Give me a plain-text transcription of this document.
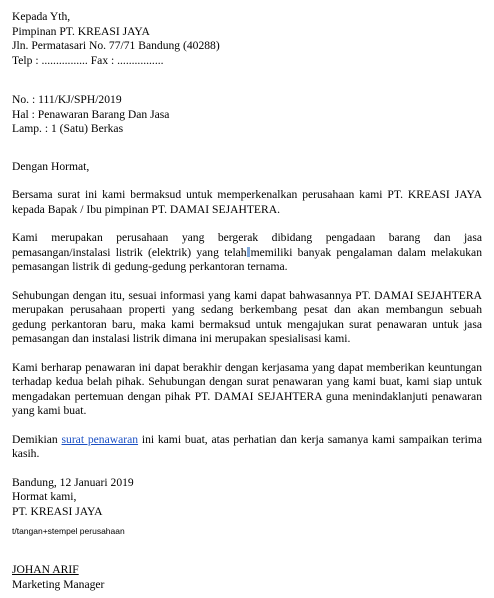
Kepada Yth,
Pimpinan PT. KREASI JAYA
Jln. Permatasari No. 77/71 Bandung (40288)
Telp : ................ Fax : ................
No. : 111/KJ/SPH/2019
Hal : Penawaran Barang Dan Jasa
Lamp. : 1 (Satu) Berkas

Dengan Hormat,

Bersama surat ini kami bermaksud untuk memperkenalkan perusahaan kami PT. KREASI JAYA kepada Bapak / Ibu pimpinan PT. DAMAI SEJAHTERA.

Kami merupakan perusahaan yang bergerak dibidang pengadaan barang dan jasa pemasangan/instalasi listrik (elektrik) yang telah memiliki banyak pengalaman dalam melakukan pemasangan listrik di gedung-gedung perkantoran ternama.

Sehubungan dengan itu, sesuai informasi yang kami dapat bahwasannya PT. DAMAI SEJAHTERA merupakan perusahaan properti yang sedang berkembang pesat dan akan membangun sebuah gedung perkantoran baru, maka kami bermaksud untuk mengajukan surat penawaran untuk jasa pemasangan dan instalasi listrik dimana ini merupakan spesialisasi kami.

Kami berharap penawaran ini dapat berakhir dengan kerjasama yang dapat memberikan keuntungan terhadap kedua belah pihak. Sehubungan dengan surat penawaran yang kami buat, kami siap untuk mengadakan pertemuan dengan pihak PT. DAMAI SEJAHTERA guna menindaklanjuti penawaran yang kami buat.

Demikian surat penawaran ini kami buat, atas perhatian dan kerja samanya kami sampaikan terima kasih.

Bandung, 12 Januari 2019
Hormat kami,
PT. KREASI JAYA
t/tangan+stempel perusahaan
JOHAN ARIF
Marketing Manager
